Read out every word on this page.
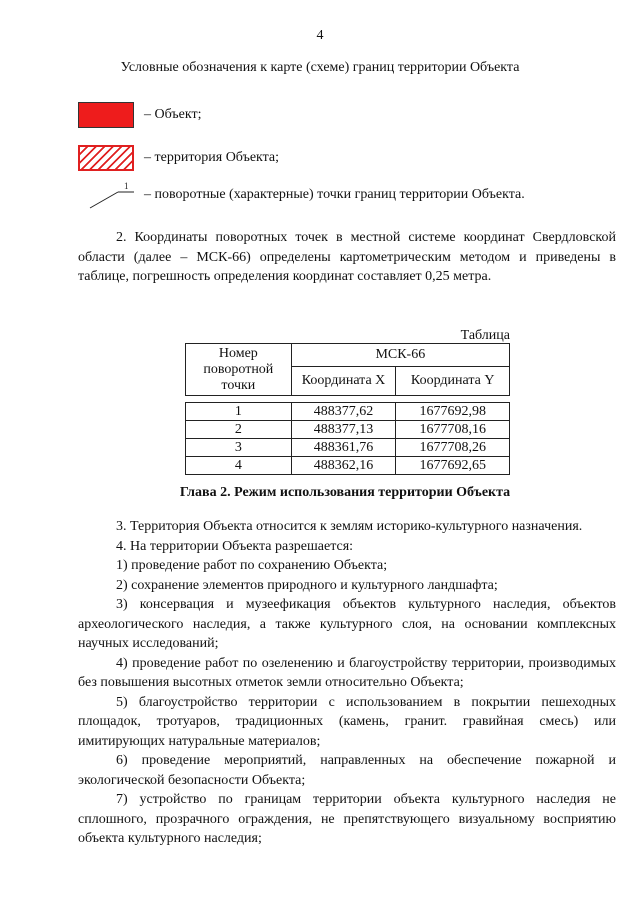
4
Условные обозначения к карте (схеме) границ территории Объекта
– Объект;
– территория Объекта;
1
– поворотные (характерные) точки границ территории Объекта.

2. Координаты поворотных точек в местной системе координат Свердловской области (далее – МСК-66) определены картометрическим методом и приведены в таблице, погрешность определения координат составляет 0,25 метра.

Таблица
Номер поворотной точки	МСК-66	
	Координата X	Координата Y

1	488377,62	1677692,98
2	488377,13	1677708,16
3	488361,76	1677708,26
4	488362,16	1677692,65
Глава 2. Режим использования территории Объекта

3. Территория Объекта относится к землям историко-культурного назначения.

4. На территории Объекта разрешается:

1) проведение работ по сохранению Объекта;

2) сохранение элементов природного и культурного ландшафта;

3) консервация и музеефикация объектов культурного наследия, объектов археологического наследия, а также культурного слоя, на основании комплексных научных исследований;

4) проведение работ по озеленению и благоустройству территории, производимых без повышения высотных отметок земли относительно Объекта;

5) благоустройство территории с использованием в покрытии пешеходных площадок, тротуаров, традиционных (камень, гранит. гравийная смесь) или имитирующих натуральные материалов;

6) проведение мероприятий, направленных на обеспечение пожарной и экологической безопасности Объекта;

7) устройство по границам территории объекта культурного наследия не сплошного, прозрачного ограждения, не препятствующего визуальному восприятию объекта культурного наследия;
